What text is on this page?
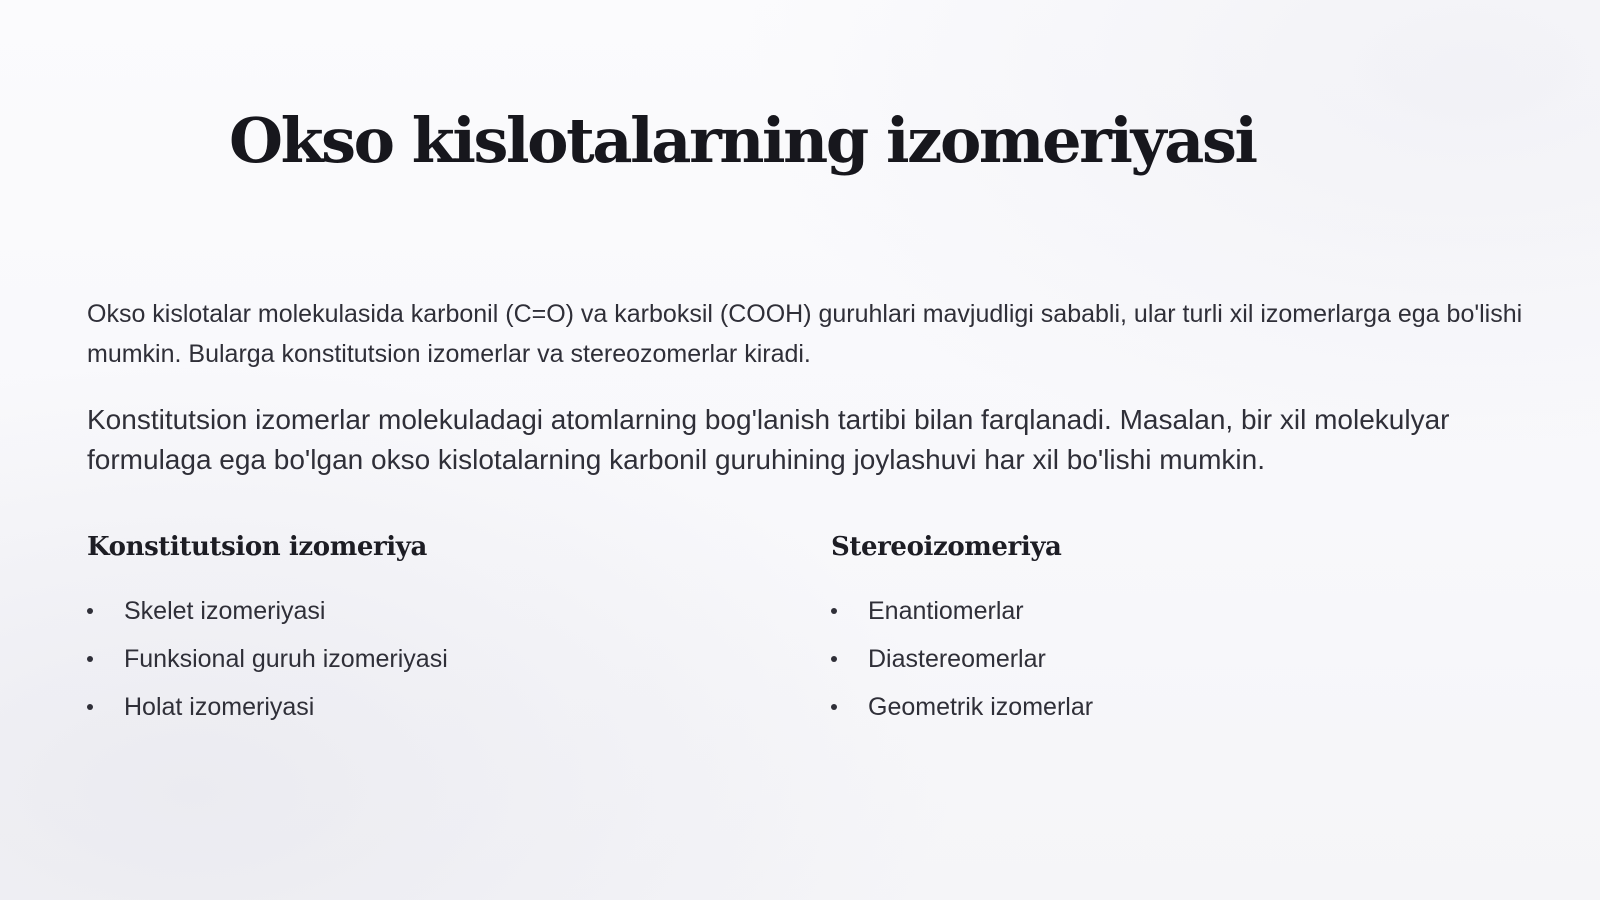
Okso kislotalarning izomeriyasi

Okso kislotalar molekulasida karbonil (C=O) va karboksil (COOH) guruhlari mavjudligi sababli, ular turli xil izomerlarga ega bo'lishi mumkin. Bularga konstitutsion izomerlar va stereozomerlar kiradi.

Konstitutsion izomerlar molekuladagi atomlarning bog'lanish tartibi bilan farqlanadi. Masalan, bir xil molekulyar formulaga ega bo'lgan okso kislotalarning karbonil guruhining joylashuvi har xil bo'lishi mumkin.

Konstitutsion izomeriya
Skelet izomeriyasi
Funksional guruh izomeriyasi
Holat izomeriyasi
Stereoizomeriya
Enantiomerlar
Diastereomerlar
Geometrik izomerlar
